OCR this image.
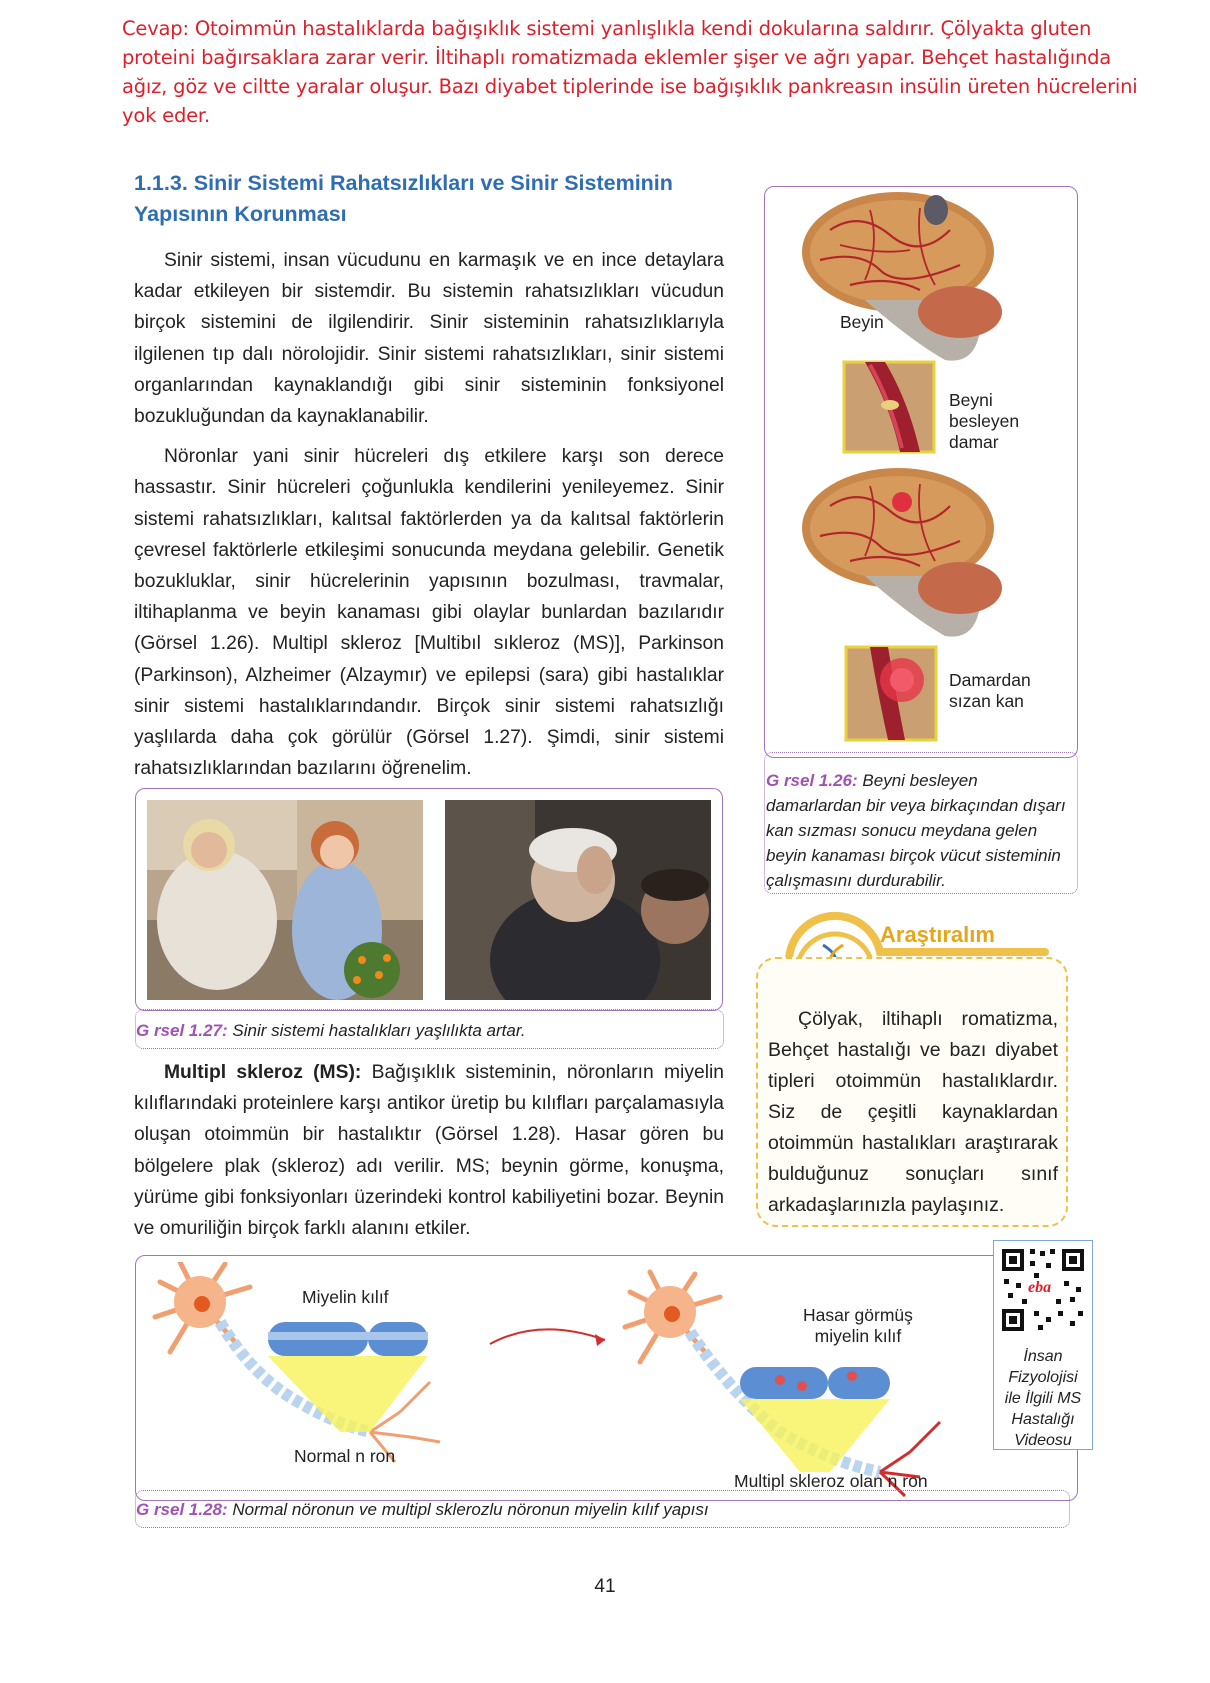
Cevap: Otoimmün hastalıklarda bağışıklık sistemi yanlışlıkla kendi dokularına saldırır. Çölyakta gluten proteini bağırsaklara zarar verir. İltihaplı romatizmada eklemler şişer ve ağrı yapar. Behçet hastalığında ağız, göz ve ciltte yaralar oluşur. Bazı diyabet tiplerinde ise bağışıklık pankreasın insülin üreten hücrelerini yok eder.
1.1.3. Sinir Sistemi Rahatsızlıkları ve Sinir Sisteminin Yapısının Korunması

Sinir sistemi, insan vücudunu en karmaşık ve en ince detaylara kadar etkileyen bir sistemdir. Bu sistemin rahatsızlıkları vücudun birçok sistemini de ilgilendirir. Sinir sisteminin rahatsızlıklarıyla ilgilenen tıp dalı nörolojidir. Sinir sistemi rahatsızlıkları, sinir sistemi organlarından kaynaklandığı gibi sinir sisteminin fonksiyonel bozukluğundan da kaynaklanabilir.

Nöronlar yani sinir hücreleri dış etkilere karşı son derece hassastır. Sinir hücreleri çoğunlukla kendilerini yenileyemez. Sinir sistemi rahatsızlıkları, kalıtsal faktörlerden ya da kalıtsal faktörlerin çevresel faktörlerle etkileşimi sonucunda meydana gelebilir. Genetik bozukluklar, sinir hücrelerinin yapısının bozulması, travmalar, iltihaplanma ve beyin kanaması gibi olaylar bunlardan bazılarıdır (Görsel 1.26). Multipl skleroz [Multibıl sıkleroz (MS)], Parkinson (Parkinson), Alzheimer (Alzaymır) ve epilepsi (sara) gibi hastalıklar sinir sistemi hastalıklarındandır. Birçok sinir sistemi rahatsızlığı yaşlılarda daha çok görülür (Görsel 1.27). Şimdi, sinir sistemi rahatsızlıklarından bazılarını öğrenelim.

G rsel 1.27: Sinir sistemi hastalıkları yaşlılıkta artar.
Multipl skleroz (MS): Bağışıklık sisteminin, nöronların miyelin kılıflarındaki proteinlere karşı antikor üretip bu kılıfları parçalamasıyla oluşan otoimmün bir hastalıktır (Görsel 1.28). Hasar gören bu bölgelere plak (skleroz) adı verilir. MS; beynin görme, konuşma, yürüme gibi fonksiyonları üzerindeki kontrol kabiliyetini bozar. Beynin ve omuriliğin birçok farklı alanını etkiler.
Beyin
Beyni
besleyen
damar
Damardan
sızan kan
G rsel 1.26: Beyni besleyen damarlardan bir veya birkaçından dışarı kan sızması sonucu meydana gelen beyin kanaması birçok vücut sisteminin çalışmasını durdurabilir.
Araştıralım
Çölyak, iltihaplı romatizma, Behçet hastalığı ve bazı diyabet tipleri otoimmün hastalıklardır. Siz de çeşitli kaynaklardan otoimmün hastalıkları araştırarak bulduğunuz sonuçları sınıf arkadaşlarınızla paylaşınız.
Miyelin kılıf
Hasar görmüş
miyelin kılıf
Normal n ron
Multipl skleroz olan n ron
G rsel 1.28: Normal nöronun ve multipl sklerozlu nöronun miyelin kılıf yapısı
eba
İnsan
Fizyolojisi
ile İlgili MS
Hastalığı
Videosu
41
